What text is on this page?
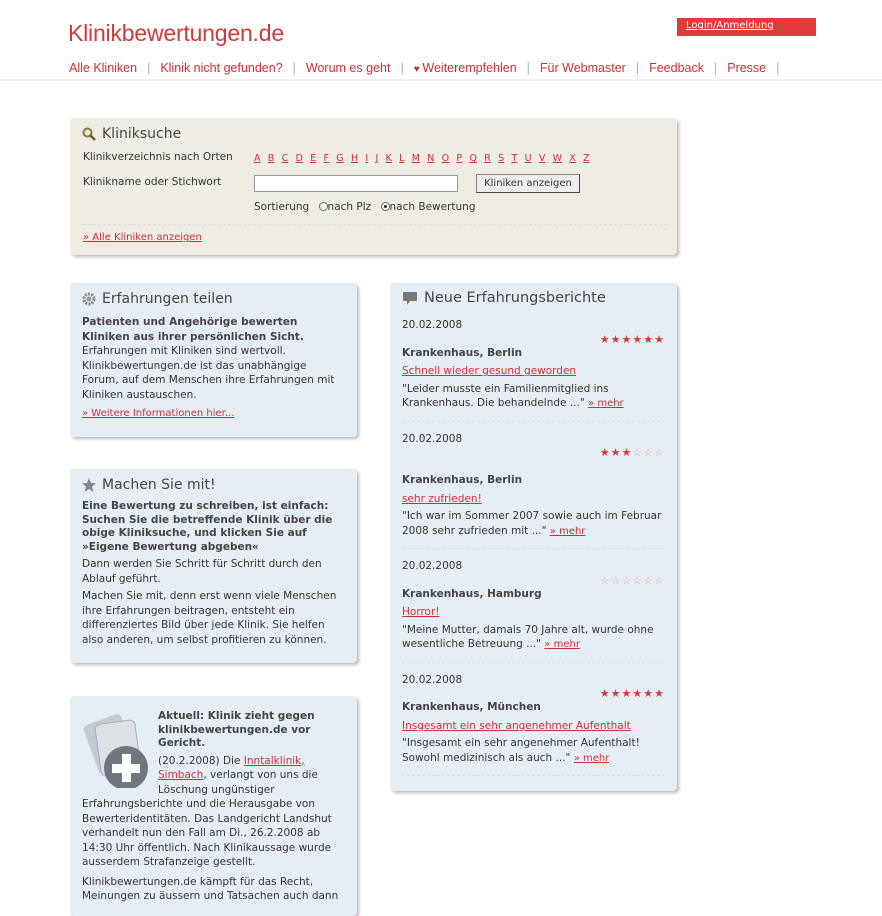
Klinikbewertungen.de	Login/Anmeldung
Alle Kliniken | Klinik nicht gefunden? | Worum es geht |	♥ Weiterempfehlen | Für Webmaster | Feedback | Presse |
Kliniksuche
Klinikverzeichnis nach Orten A B C D E F G H I J K L M N O P Q R S T U V W X Z
Klinikname oder Stichwort	Kliniken anzeigen
Sortierung nach Plz nach Bewertung
» Alle Kliniken anzeigen
Erfahrungen teilen

Patienten und Angehörige bewerten Kliniken aus ihrer persönlichen Sicht.

Erfahrungen mit Kliniken sind wertvoll. Klinikbewertungen.de ist das unabhängige Forum, auf dem Menschen ihre Erfahrungen mit Kliniken austauschen.

» Weitere Informationen hier...

Machen Sie mit!

Eine Bewertung zu schreiben, ist einfach: Suchen Sie die betreffende Klinik über die obige Kliniksuche, und klicken Sie auf »Eigene Bewertung abgeben«

Dann werden Sie Schritt für Schritt durch den Ablauf geführt.

Machen Sie mit, denn erst wenn viele Menschen ihre Erfahrungen beitragen, entsteht ein differenziertes Bild über jede Klinik. Sie helfen also anderen, um selbst profitieren zu können.

Aktuell: Klinik zieht gegen klinikbewertungen.de vor Gericht.

(20.2.2008) Die Inntalklinik, Simbach, verlangt von uns die Löschung ungünstiger Erfahrungsberichte und die Herausgabe von Bewerteridentitäten. Das Landgericht Landshut verhandelt nun den Fall am Di., 26.2.2008 ab 14:30 Uhr öffentlich. Nach Klinikaussage wurde ausserdem Strafanzeige gestellt.

Klinikbewertungen.de kämpft für das Recht, Meinungen zu äussern und Tatsachen auch dann

Neue Erfahrungsberichte

20.02.2008

★★★★★★

Krankenhaus, Berlin

Schnell wieder gesund geworden

"Leider musste ein Familienmitglied ins Krankenhaus. Die behandelnde ..." » mehr

20.02.2008

★★★☆☆☆

Krankenhaus, Berlin

sehr zufrieden!

"Ich war im Sommer 2007 sowie auch im Februar 2008 sehr zufrieden mit ..." » mehr

20.02.2008

☆☆☆☆☆☆

Krankenhaus, Hamburg

Horror!

"Meine Mutter, damals 70 Jahre alt, wurde ohne wesentliche Betreuung ..." » mehr

20.02.2008

★★★★★★

Krankenhaus, München

Insgesamt ein sehr angenehmer Aufenthalt

"Insgesamt ein sehr angenehmer Aufenthalt! Sowohl medizinisch als auch ..." » mehr
